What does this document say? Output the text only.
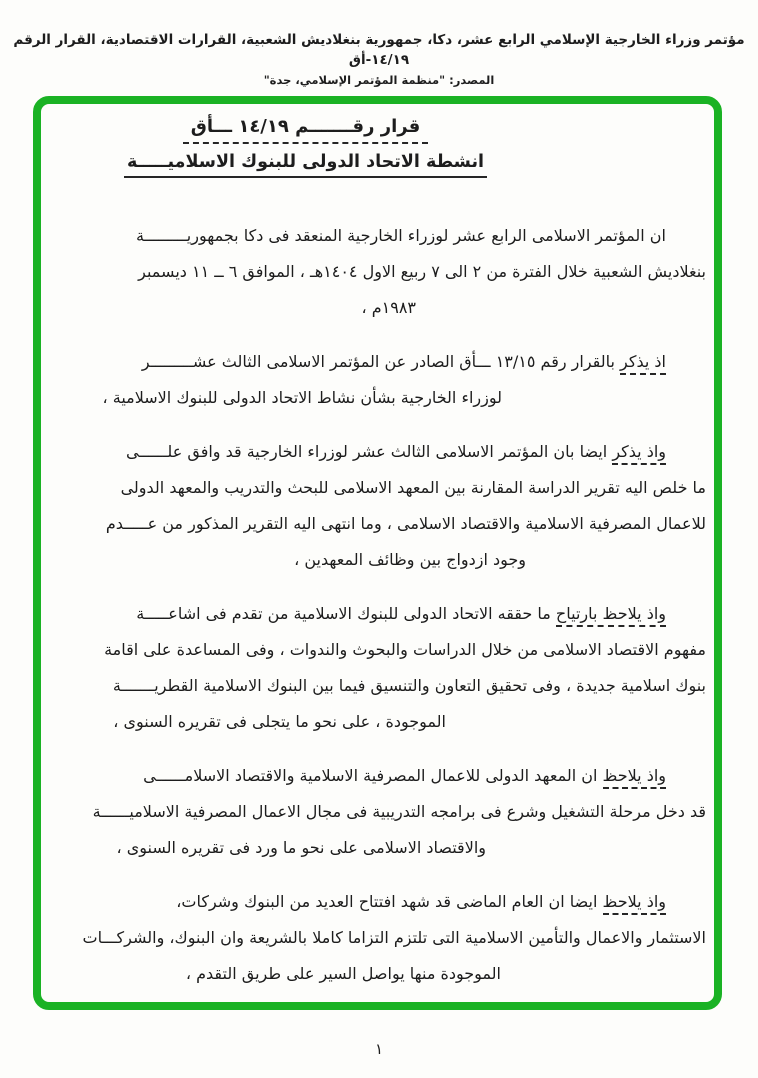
مؤتمر وزراء الخارجية الإسلامي الرابع عشر، دكا، جمهورية بنغلاديش الشعبية، القرارات الاقتصادية، القرار الرقم ١٤/١٩-أق
المصدر: "منظمة المؤتمر الإسلامي، جدة"
قرار رقـــــــم ١٤/١٩ ـــأق
انشطة الاتحاد الدولى للبنوك الاسلاميـــــة
ان المؤتمر الاسلامى الرابع عشر لوزراء الخارجية المنعقد فى دكا بجمهوريـــــــــة
بنغلاديش الشعبية خلال الفترة من ٢ الى ٧ ربيع الاول ١٤٠٤هـ ، الموافق ٦ ــ ١١ ديسمبر
١٩٨٣م ،
اذ يذكر بالقرار رقم ١٣/١٥ ـــأق الصادر عن المؤتمر الاسلامى الثالث عشـــــــــر
لوزراء الخارجية بشأن نشاط الاتحاد الدولى للبنوك الاسلامية ،
واذ يذكر ايضا بان المؤتمر الاسلامى الثالث عشر لوزراء الخارجية قد وافق علــــــى
ما خلص اليه تقرير الدراسة المقارنة بين المعهد الاسلامى للبحث والتدريب والمعهد الدولى
للاعمال المصرفية الاسلامية والاقتصاد الاسلامى ، وما انتهى اليه التقرير المذكور من عـــــدم
وجود ازدواج بين وظائف المعهدين ،
واذ يلاحظ بارتياح ما حققه الاتحاد الدولى للبنوك الاسلامية من تقدم فى اشاعـــــة
مفهوم الاقتصاد الاسلامى من خلال الدراسات والبحوث والندوات ، وفى المساعدة على اقامة
بنوك اسلامية جديدة ، وفى تحقيق التعاون والتنسيق فيما بين البنوك الاسلامية القطريـــــــة
الموجودة ، على نحو ما يتجلى فى تقريره السنوى ،
واذ يلاحظ ان المعهد الدولى للاعمال المصرفية الاسلامية والاقتصاد الاسلامــــــى
قد دخل مرحلة التشغيل وشرع فى برامجه التدريبية فى مجال الاعمال المصرفية الاسلاميــــــة
والاقتصاد الاسلامى على نحو ما ورد فى تقريره السنوى ،
واذ يلاحظ ايضا ان العام الماضى قد شهد افتتاح العديد من البنوك وشركات،
الاستثمار والاعمال والتأمين الاسلامية التى تلتزم التزاما كاملا بالشريعة وان البنوك، والشركـــات
الموجودة منها يواصل السير على طريق التقدم ،
١
